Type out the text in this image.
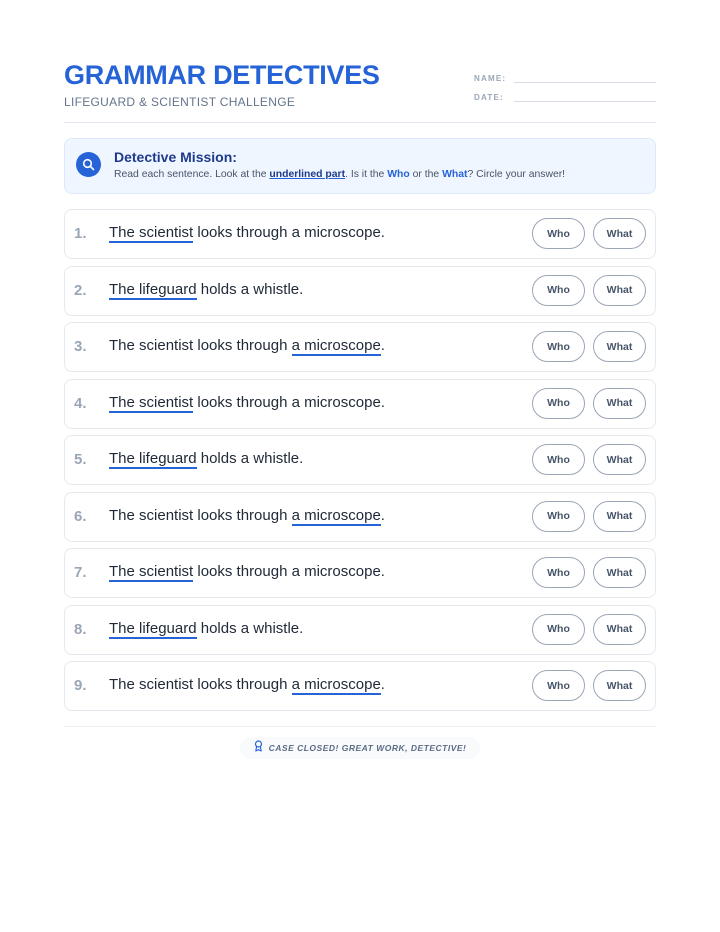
GRAMMAR DETECTIVES
LIFEGUARD & SCIENTIST CHALLENGE
NAME:
DATE:
Detective Mission:
Read each sentence. Look at the underlined part. Is it the Who or the What? Circle your answer!
1. The scientist looks through a microscope.	Who	What
2. The lifeguard holds a whistle.	Who	What
3. The scientist looks through a microscope.	Who	What
4. The scientist looks through a microscope.	Who	What
5. The lifeguard holds a whistle.	Who	What
6. The scientist looks through a microscope.	Who	What
7. The scientist looks through a microscope.	Who	What
8. The lifeguard holds a whistle.	Who	What
9. The scientist looks through a microscope.	Who	What
CASE CLOSED! GREAT WORK, DETECTIVE!
